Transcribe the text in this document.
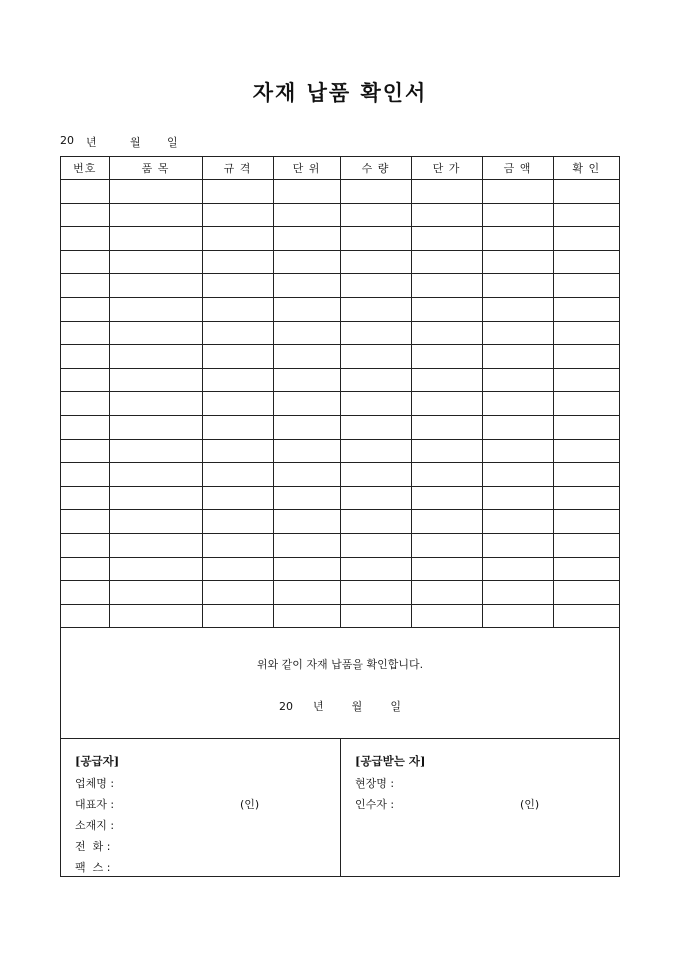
자재 납품 확인서
20	년	월	일
번호	품 목	규 격	단 위	수 량	단 가	금 액	확 인

위와 같이 자재 납품을 확인합니다.
20 년	월	일
[공급자]
업체명 :
대표자 :	(인)
소재지 :
전  화 :
팩  스 :
[공급받는 자]
현장명 :
인수자 :	(인)
